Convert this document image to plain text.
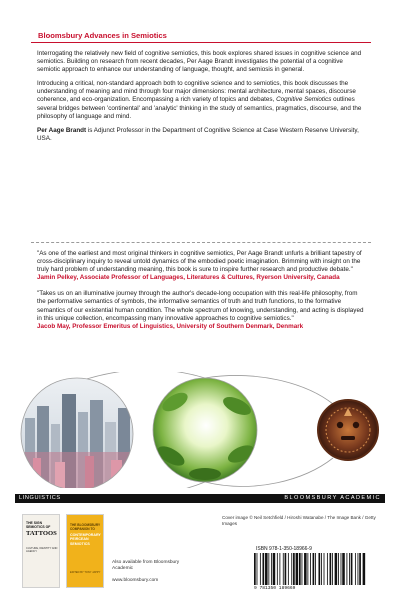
Bloomsbury Advances in Semiotics

Interrogating the relatively new field of cognitive semiotics, this book explores shared issues in cognitive science and semiotics. Building on research from recent decades, Per Aage Brandt investigates the potential of a cognitive semiotic approach to enhance our understanding of language, thought, and semiosis in general.

Introducing a critical, non-standard approach both to cognitive science and to semiotics, this book discusses the understanding of meaning and mind through four major dimensions: mental architecture, mental spaces, discourse coherence, and eco-organization. Encompassing a rich variety of topics and debates, Cognitive Semiotics outlines several bridges between 'continental' and 'analytic' thinking in the study of semantics, pragmatics, discourse, and the philosophy of language and mind.

Per Aage Brandt is Adjunct Professor in the Department of Cognitive Science at Case Western Reserve University, USA.

"As one of the earliest and most original thinkers in cognitive semiotics, Per Aage Brandt unfurls a brilliant tapestry of cross-disciplinary inquiry to reveal untold dynamics of the embodied poetic imagination. Brimming with insight on the truly hard problem of understanding meaning, this book is sure to inspire further research and productive debate."

Jamin Pelkey, Associate Professor of Languages, Literatures & Cultures, Ryerson University, Canada

"Takes us on an illuminative journey through the author's decade-long occupation with this real-life philosophy, from the performative semantics of symbols, the informative semantics of truth and truth functions, to the formative semantics of our existential human condition. The whole spectrum of knowing, understanding, and acting is displayed in this unique collection, encompassing many innovative approaches to cognitive semiotics."

Jacob May, Professor Emeritus of Linguistics, University of Southern Denmark, Denmark

LINGUISTICS	BLOOMSBURY ACADEMIC
THE SIGN SEMIOTICS OF
TATTOOS
CULTURE, IDENTITY AND AGENCY
THE BLOOMSBURY COMPANION TO
CONTEMPORARY PEIRCEAN SEMIOTICS
EDITED BY TONY JAPPY
Also available from Bloomsbury Academic
www.bloomsbury.com
Cover image © Neil Setchfield / Hiroshi Watanabe / The Image Bank / Getty Images
ISBN 978-1-350-18966-9
9 781350 189669
